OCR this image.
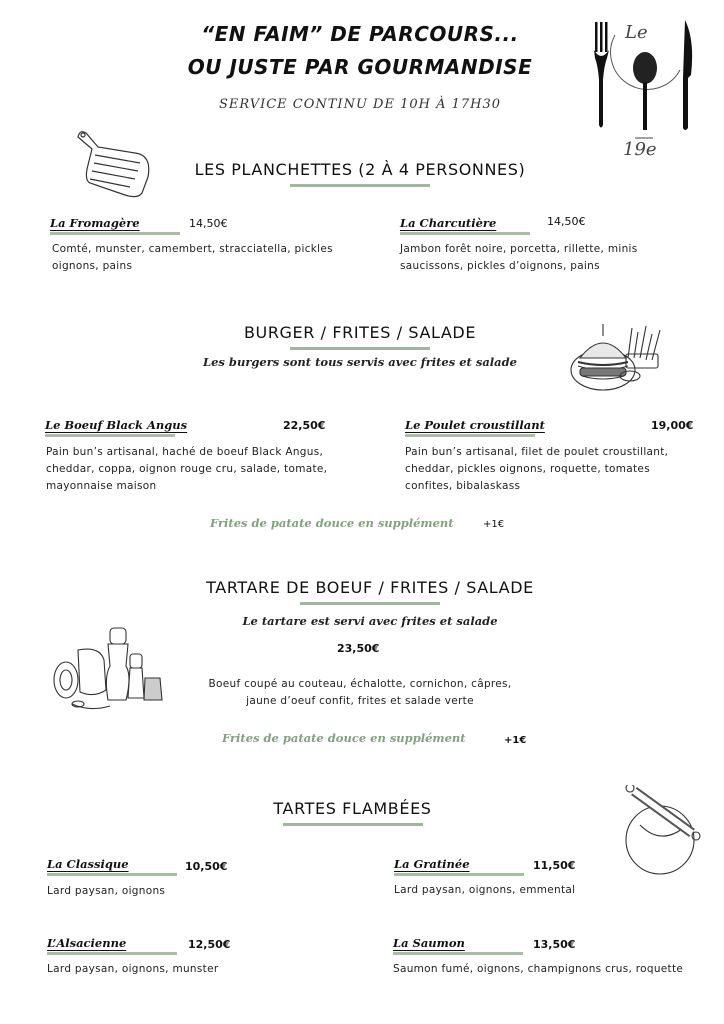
“EN FAIM” DE PARCOURS...
OU JUSTE PAR GOURMANDISE
SERVICE CONTINU DE 10H À 17H30
Le
19e
LES PLANCHETTES (2 À 4 PERSONNES)
La Fromagère	14,50€
Comté, munster, camembert, stracciatella, pickles oignons, pains
La Charcutière	14,50€
Jambon forêt noire, porcetta, rillette, minis saucissons, pickles d’oignons, pains
BURGER / FRITES / SALADE
Les burgers sont tous servis avec frites et salade
Le Boeuf Black Angus	22,50€
Pain bun’s artisanal, haché de boeuf Black Angus, cheddar, coppa, oignon rouge cru, salade, tomate, mayonnaise maison
Le Poulet croustillant	19,00€
Pain bun’s artisanal, filet de poulet croustillant, cheddar, pickles oignons, roquette, tomates confites, bibalaskass
Frites de patate douce en supplément	+1€
TARTARE DE BOEUF / FRITES / SALADE
Le tartare est servi avec frites et salade
23,50€
Boeuf coupé au couteau, échalotte, cornichon, câpres, jaune d’oeuf confit, frites et salade verte
Frites de patate douce en supplément	+1€
TARTES FLAMBÉES
La Classique	10,50€
Lard paysan, oignons
La Gratinée	11,50€
Lard paysan, oignons, emmental
L’Alsacienne	12,50€
Lard paysan, oignons, munster
La Saumon	13,50€
Saumon fumé, oignons, champignons crus, roquette
